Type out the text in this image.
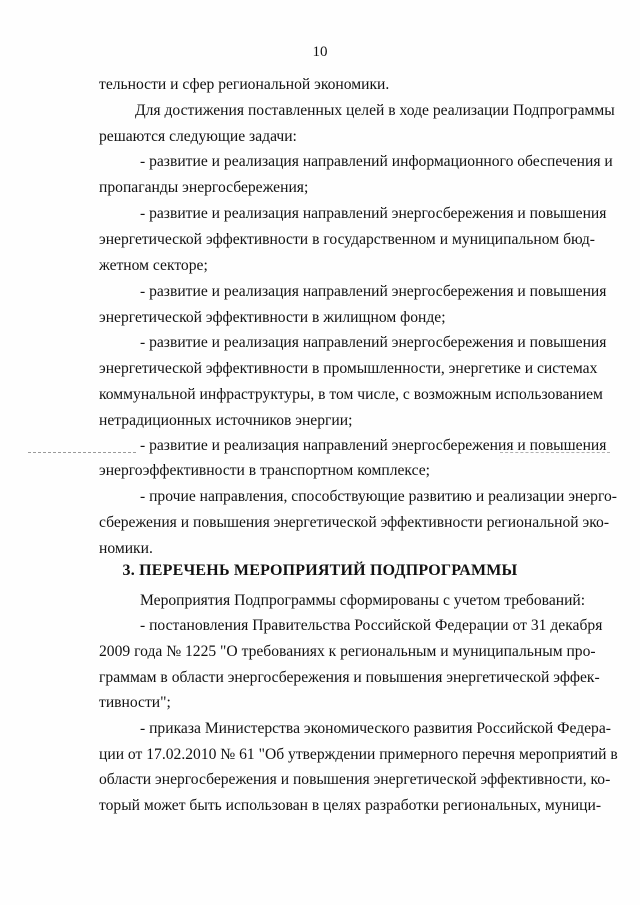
10
тельности и сфер региональной экономики.
Для достижения поставленных целей в ходе реализации Подпрограммы
решаются следующие задачи:
- развитие и реализация направлений информационного обеспечения и
пропаганды энергосбережения;
- развитие и реализация направлений энергосбережения и повышения
энергетической эффективности в государственном и муниципальном бюд-
жетном секторе;
- развитие и реализация направлений энергосбережения и повышения
энергетической эффективности в жилищном фонде;
- развитие и реализация направлений энергосбережения и повышения
энергетической эффективности в промышленности, энергетике и системах
коммунальной инфраструктуры, в том числе, с возможным использованием
нетрадиционных источников энергии;
- развитие и реализация направлений энергосбережения и повышения
энергоэффективности в транспортном комплексе;
- прочие направления, способствующие развитию и реализации энерго-
сбережения и повышения энергетической эффективности региональной эко-
номики.
3. ПЕРЕЧЕНЬ МЕРОПРИЯТИЙ ПОДПРОГРАММЫ
Мероприятия Подпрограммы сформированы с учетом требований:
- постановления Правительства Российской Федерации от 31 декабря
2009 года № 1225 "О требованиях к региональным и муниципальным про-
граммам в области энергосбережения и повышения энергетической эффек-
тивности";
- приказа Министерства экономического развития Российской Федера-
ции от 17.02.2010 № 61 "Об утверждении примерного перечня мероприятий в
области энергосбережения и повышения энергетической эффективности, ко-
торый может быть использован в целях разработки региональных, муници-
